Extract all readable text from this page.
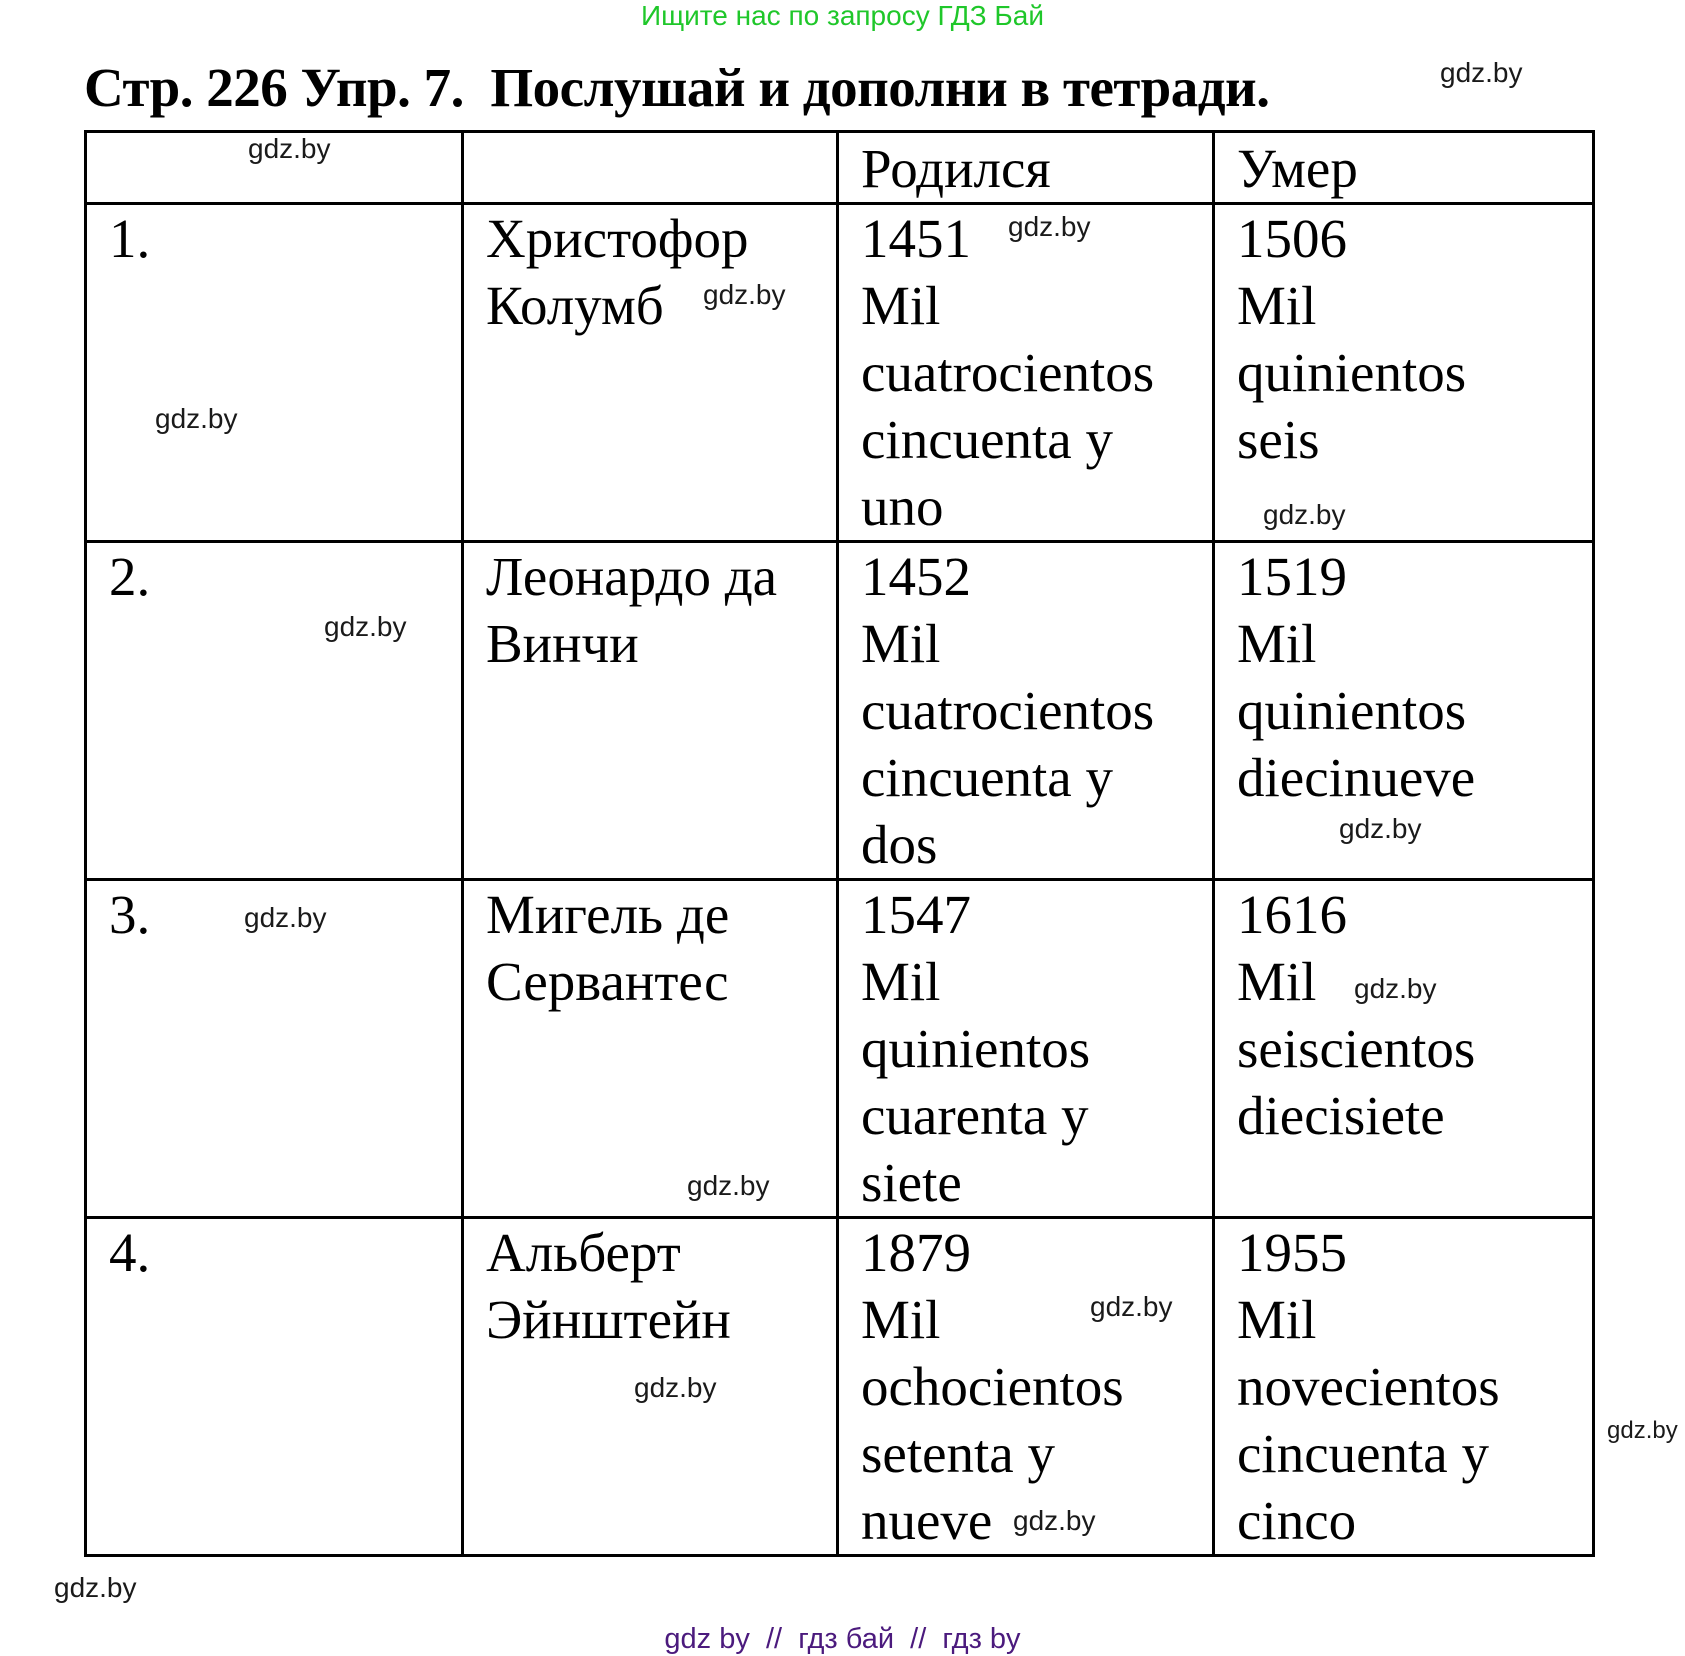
Ищите нас по запросу ГДЗ Бай
Стр. 226 Упр. 7.  Послушай и дополни в тетради.
		Родился	Умер

1.	Христофор
Колумб	1451
Mil
cuatrocientos
cincuenta y
uno	1506
Mil
quinientos
seis

2.	Леонардо да
Винчи	1452
Mil
cuatrocientos
cincuenta y
dos	1519
Mil
quinientos
diecinueve

3.	Мигель де
Сервантес	1547
Mil
quinientos
cuarenta y
siete	1616
Mil
seiscientos
diecisiete

4.	Альберт
Эйнштейн	1879
Mil
ochocientos
setenta y
nueve	1955
Mil
novecientos
cincuenta y
cinco
gdz.by
gdz.by
gdz.by
gdz.by
gdz.by
gdz.by
gdz.by
gdz.by
gdz.by
gdz.by
gdz.by
gdz.by
gdz.by
gdz.by
gdz.by
gdz.by
gdz by  //  гдз бай  //  гдз by
